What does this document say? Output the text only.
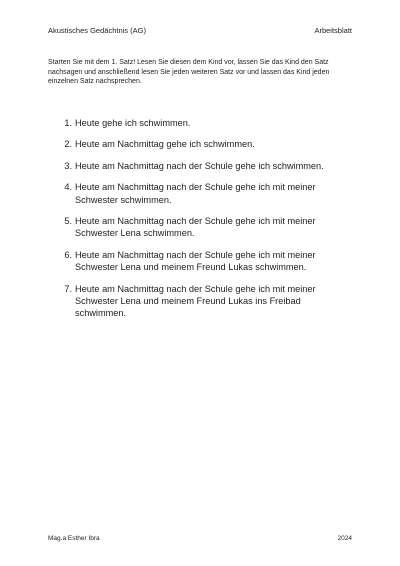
Akustisches Gedächtnis (AG)	Arbeitsblatt

Starten Sie mit dem 1. Satz! Lesen Sie diesen dem Kind vor, lassen Sie das Kind den Satz nachsagen und anschließend lesen Sie jeden weiteren Satz vor und lassen das Kind jeden einzelnen Satz nachsprechen.

1. Heute gehe ich schwimmen.
2. Heute am Nachmittag gehe ich schwimmen.
3. Heute am Nachmittag nach der Schule gehe ich schwimmen.
4. Heute am Nachmittag nach der Schule gehe ich mit meiner Schwester schwimmen.
5. Heute am Nachmittag nach der Schule gehe ich mit meiner Schwester Lena schwimmen.
6. Heute am Nachmittag nach der Schule gehe ich mit meiner Schwester Lena und meinem Freund Lukas schwimmen.
7. Heute am Nachmittag nach der Schule gehe ich mit meiner Schwester Lena und meinem Freund Lukas ins Freibad schwimmen.
Mag.a Esther Ibra	2024
